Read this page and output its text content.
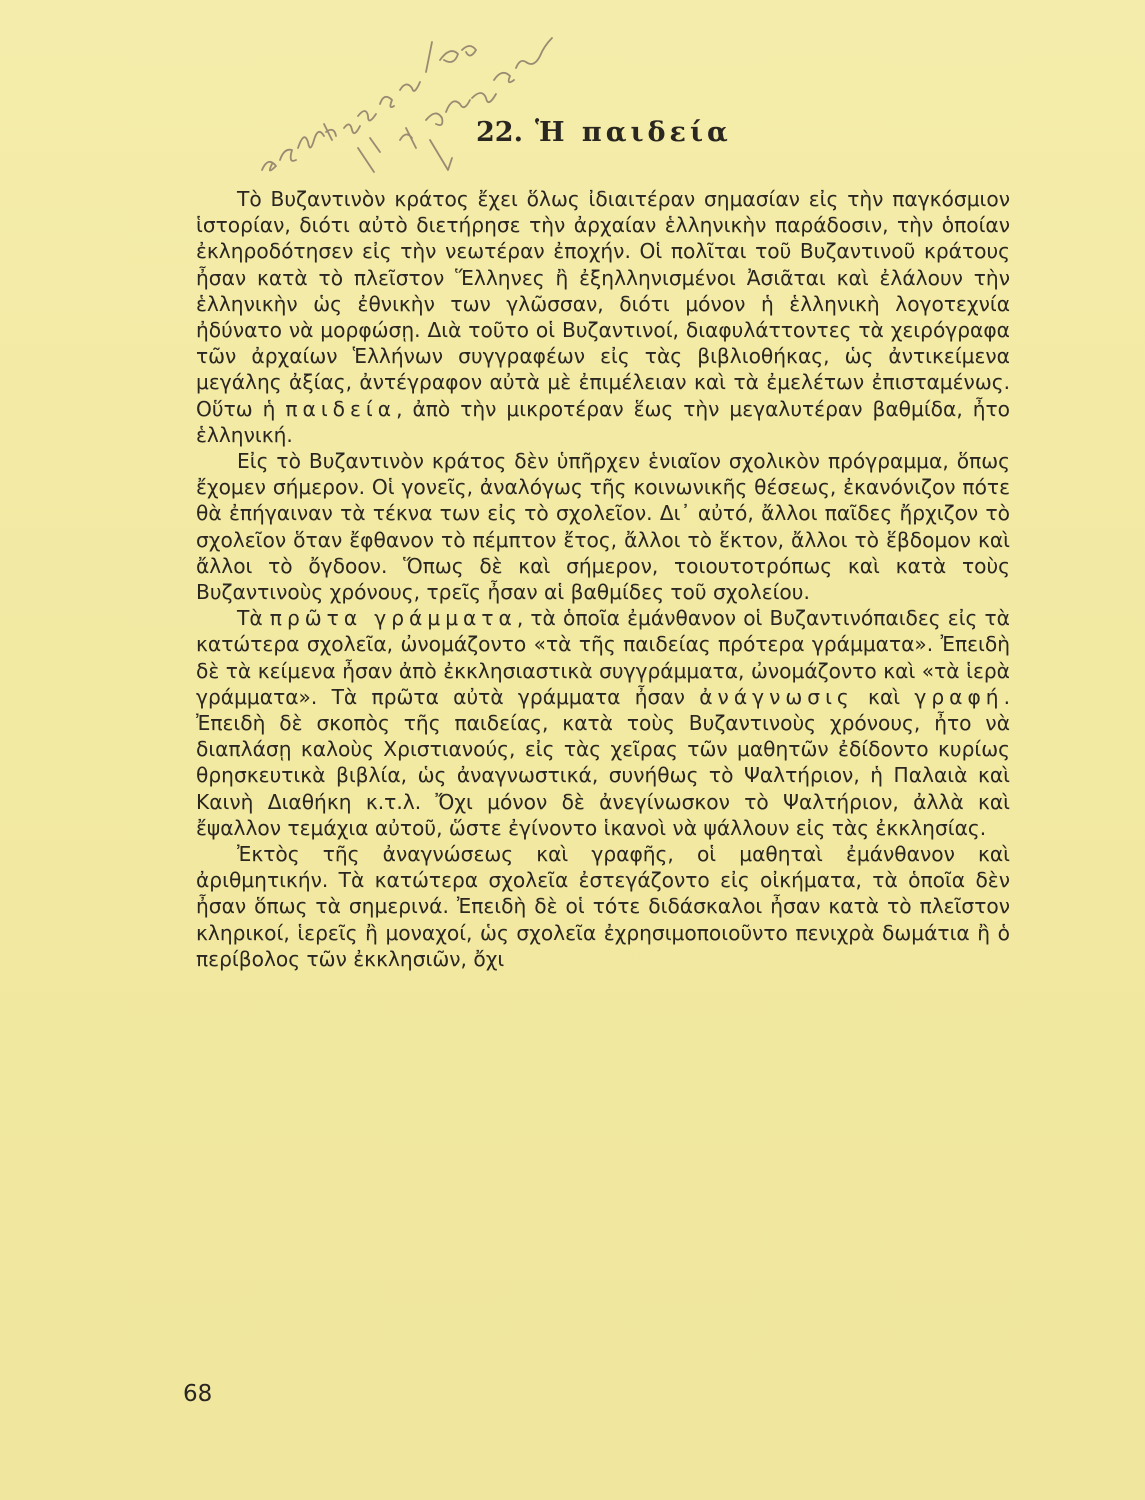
22. Ἡ παιδεία

Τὸ Βυζαντινὸν κράτος ἔχει ὅλως ἰδιαιτέραν σημασίαν εἰς τὴν παγκόσμιον ἱστορίαν, διότι αὐτὸ διετήρησε τὴν ἀρχαίαν ἑλληνικὴν παράδοσιν, τὴν ὁποίαν ἐκληροδότησεν εἰς τὴν νεωτέραν ἐποχήν. Οἱ πολῖται τοῦ Βυζαντινοῦ κράτους ἦσαν κατὰ τὸ πλεῖστον Ἕλληνες ἢ ἐξηλληνισμένοι Ἀσιᾶται καὶ ἐλάλουν τὴν ἑλληνικὴν ὡς ἐθνικὴν των γλῶσσαν, διότι μόνον ἡ ἑλληνικὴ λογοτεχνία ἠδύνατο νὰ μορφώσῃ. Διὰ τοῦτο οἱ Βυζαντινοί, διαφυλάττοντες τὰ χειρόγραφα τῶν ἀρχαίων Ἑλλήνων συγγραφέων εἰς τὰς βιβλιοθήκας, ὡς ἀντικείμενα μεγάλης ἀξίας, ἀντέγραφον αὐτὰ μὲ ἐπιμέλειαν καὶ τὰ ἐμελέτων ἐπισταμένως. Οὕτω ἡ παιδεία, ἀπὸ τὴν μικροτέραν ἕως τὴν μεγαλυτέραν βαθμίδα, ἦτο ἑλληνική.

Εἰς τὸ Βυζαντινὸν κράτος δὲν ὑπῆρχεν ἑνιαῖον σχολικὸν πρόγραμμα, ὅπως ἔχομεν σήμερον. Οἱ γονεῖς, ἀναλόγως τῆς κοινωνικῆς θέσεως, ἐκανόνιζον πότε θὰ ἐπήγαιναν τὰ τέκνα των εἰς τὸ σχολεῖον. Δι᾽ αὐτό, ἄλλοι παῖδες ἤρχιζον τὸ σχολεῖον ὅταν ἔφθανον τὸ πέμπτον ἔτος, ἄλλοι τὸ ἕκτον, ἄλλοι τὸ ἕβδομον καὶ ἄλλοι τὸ ὄγδοον. Ὅπως δὲ καὶ σήμερον, τοιουτοτρόπως καὶ κατὰ τοὺς Βυζαντινοὺς χρόνους, τρεῖς ἦσαν αἱ βαθμίδες τοῦ σχολείου.

Τὰ πρῶτα γράμματα, τὰ ὁποῖα ἐμάνθανον οἱ Βυζαντινόπαιδες εἰς τὰ κατώτερα σχολεῖα, ὠνομάζοντο «τὰ τῆς παιδείας πρότερα γράμματα». Ἐπειδὴ δὲ τὰ κείμενα ἦσαν ἀπὸ ἐκκλησιαστικὰ συγγράμματα, ὠνομάζοντο καὶ «τὰ ἱερὰ γράμματα». Τὰ πρῶτα αὐτὰ γράμματα ἦσαν ἀνάγνωσις καὶ γραφή. Ἐπειδὴ δὲ σκοπὸς τῆς παιδείας, κατὰ τοὺς Βυζαντινοὺς χρόνους, ἦτο νὰ διαπλάσῃ καλοὺς Χριστιανούς, εἰς τὰς χεῖρας τῶν μαθητῶν ἐδίδοντο κυρίως θρησκευτικὰ βιβλία, ὡς ἀναγνωστικά, συνήθως τὸ Ψαλτήριον, ἡ Παλαιὰ καὶ Καινὴ Διαθήκη κ.τ.λ. Ὄχι μόνον δὲ ἀνεγίνωσκον τὸ Ψαλτήριον, ἀλλὰ καὶ ἔψαλλον τεμάχια αὐτοῦ, ὥστε ἐγίνοντο ἱκανοὶ νὰ ψάλλουν εἰς τὰς ἐκκλησίας.

Ἐκτὸς τῆς ἀναγνώσεως καὶ γραφῆς, οἱ μαθηταὶ ἐμάνθανον καὶ ἀριθμητικήν. Τὰ κατώτερα σχολεῖα ἐστεγάζοντο εἰς οἰκήματα, τὰ ὁποῖα δὲν ἦσαν ὅπως τὰ σημερινά. Ἐπειδὴ δὲ οἱ τότε διδάσκαλοι ἦσαν κατὰ τὸ πλεῖστον κληρικοί, ἱερεῖς ἢ μοναχοί, ὡς σχολεῖα ἐχρησιμοποιοῦντο πενιχρὰ δωμάτια ἢ ὁ περίβολος τῶν ἐκκλησιῶν, ὄχι

68
